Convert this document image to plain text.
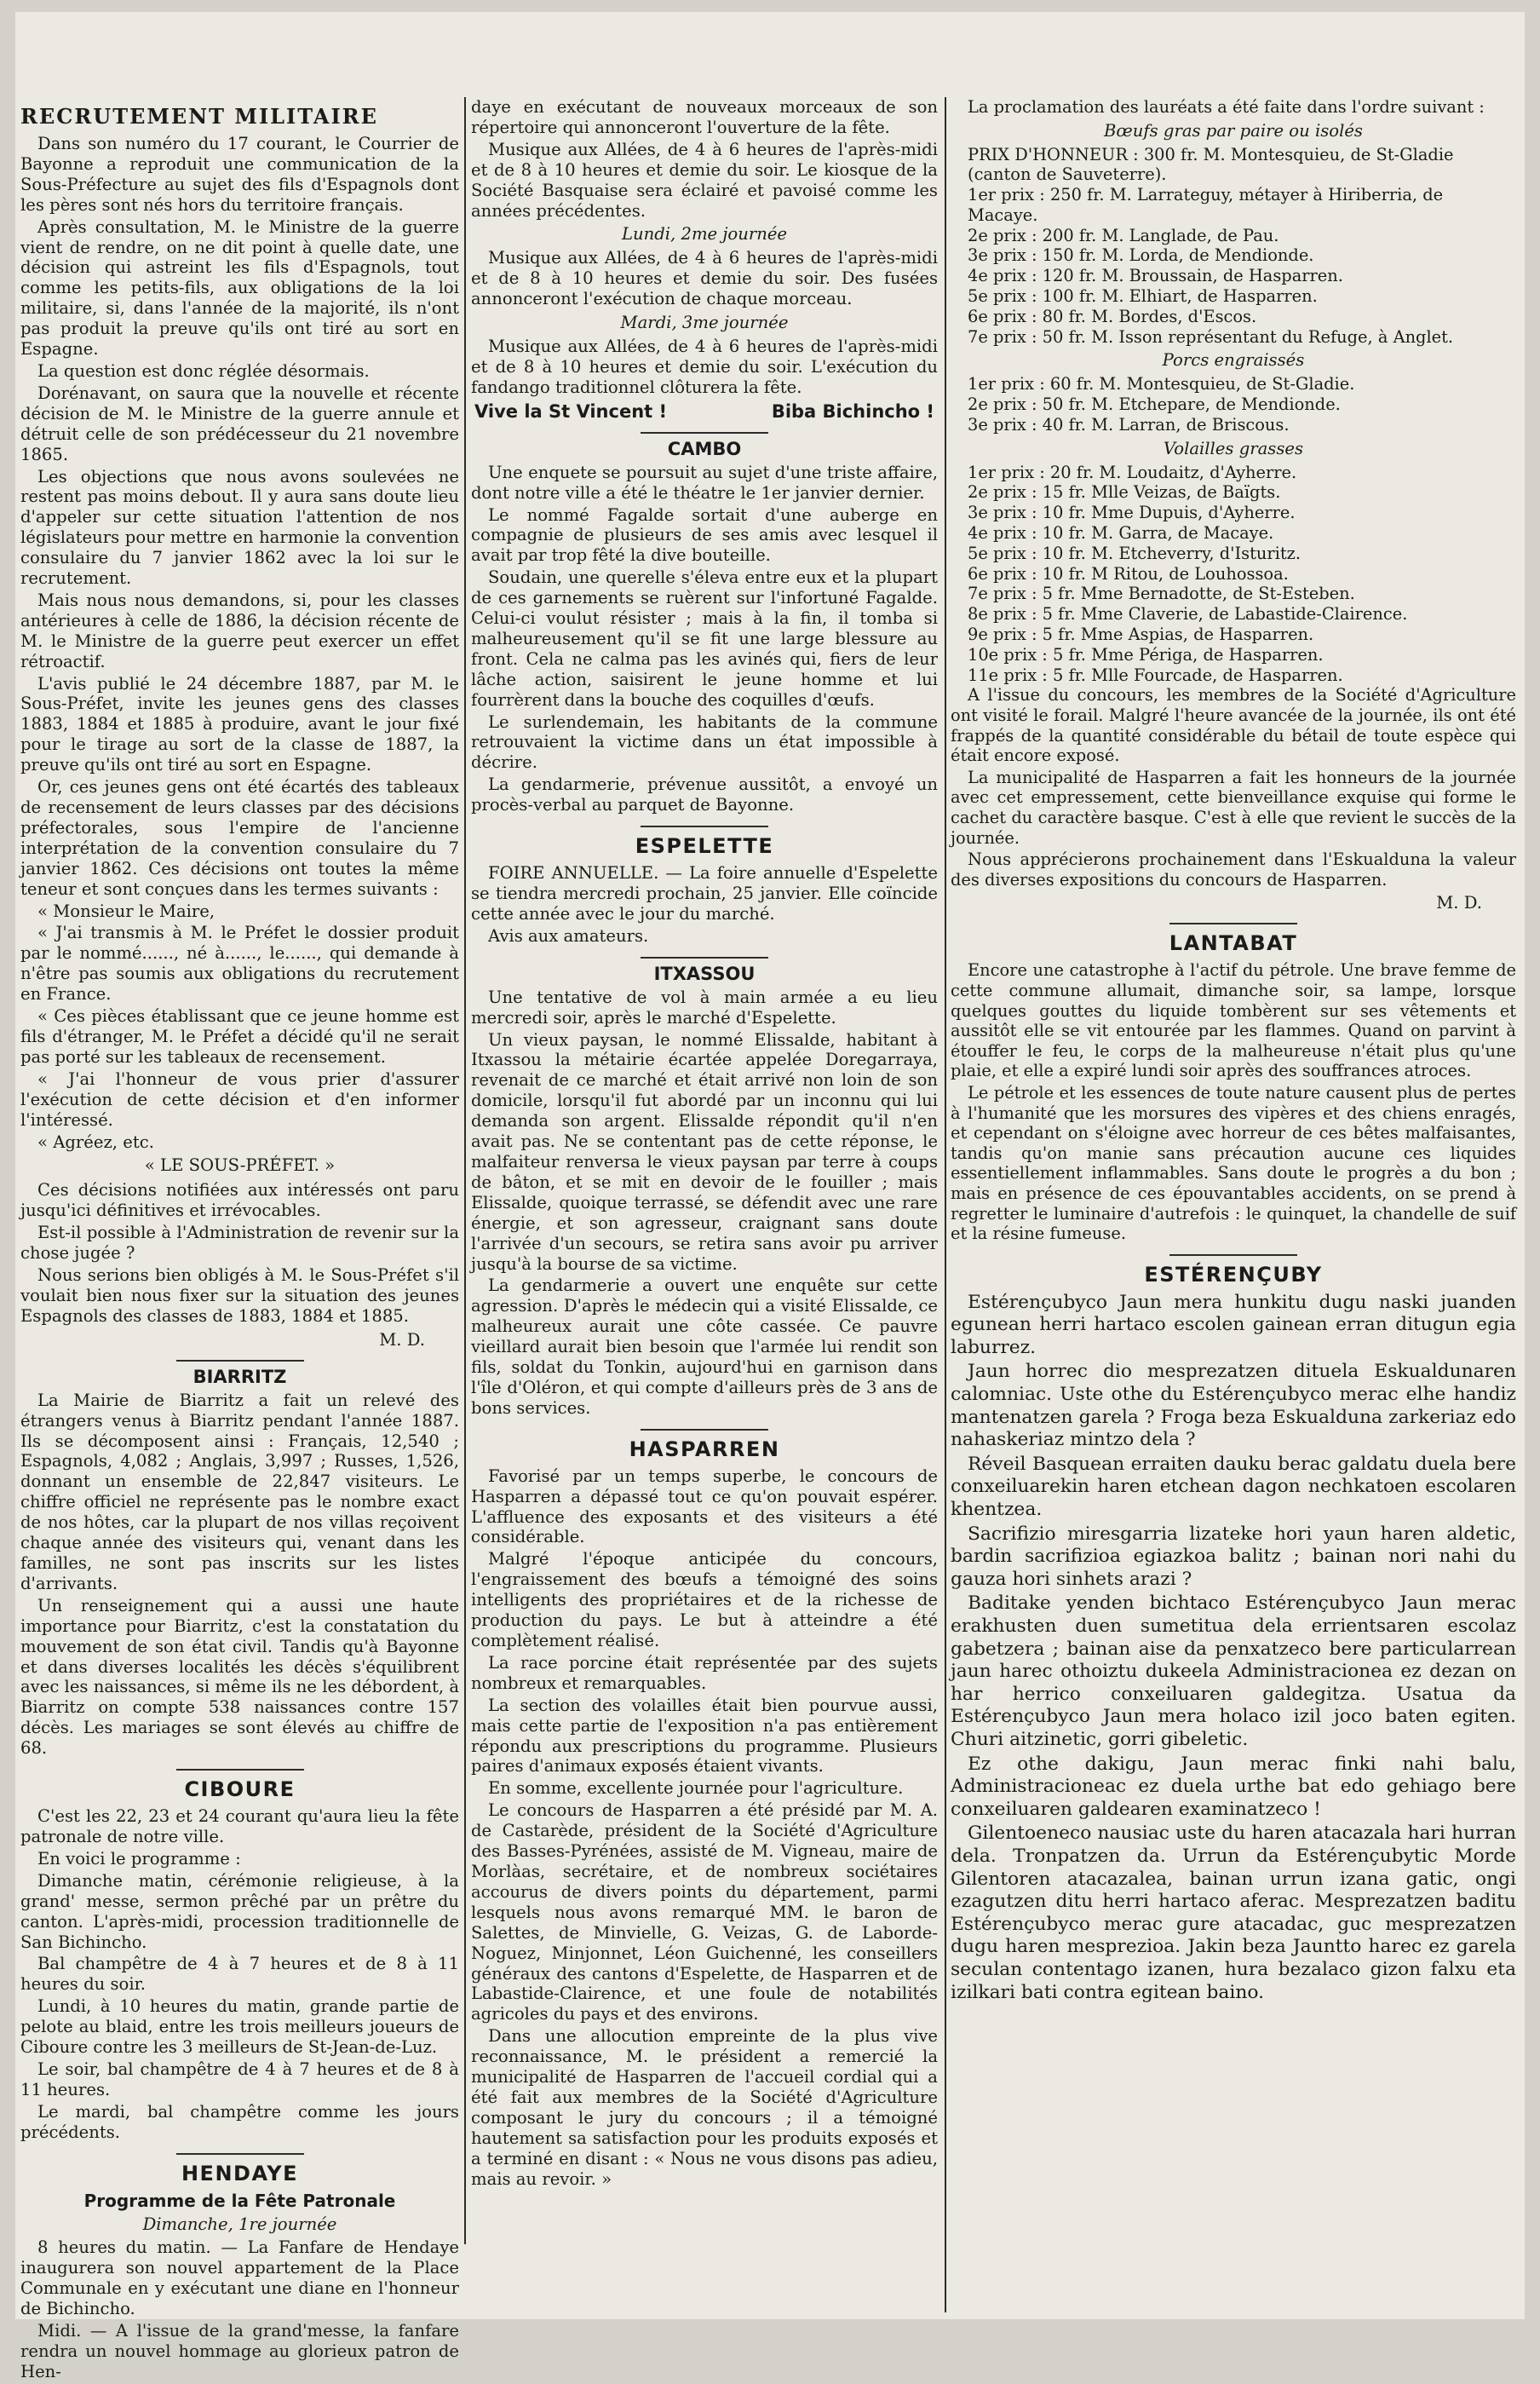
RECRUTEMENT MILITAIRE

Dans son numéro du 17 courant, le Courrier de Bayonne a reproduit une communication de la Sous-Préfecture au sujet des fils d'Espagnols dont les pères sont nés hors du territoire français.

Après consultation, M. le Ministre de la guerre vient de rendre, on ne dit point à quelle date, une décision qui astreint les fils d'Espagnols, tout comme les petits-fils, aux obligations de la loi militaire, si, dans l'année de la majorité, ils n'ont pas produit la preuve qu'ils ont tiré au sort en Espagne.

La question est donc réglée désormais.

Dorénavant, on saura que la nouvelle et récente décision de M. le Ministre de la guerre annule et détruit celle de son prédécesseur du 21 novembre 1865.

Les objections que nous avons soulevées ne restent pas moins debout. Il y aura sans doute lieu d'appeler sur cette situation l'attention de nos législateurs pour mettre en harmonie la convention consulaire du 7 janvier 1862 avec la loi sur le recrutement.

Mais nous nous demandons, si, pour les classes antérieures à celle de 1886, la décision récente de M. le Ministre de la guerre peut exercer un effet rétroactif.

L'avis publié le 24 décembre 1887, par M. le Sous-Préfet, invite les jeunes gens des classes 1883, 1884 et 1885 à produire, avant le jour fixé pour le tirage au sort de la classe de 1887, la preuve qu'ils ont tiré au sort en Espagne.

Or, ces jeunes gens ont été écartés des tableaux de recensement de leurs classes par des décisions préfectorales, sous l'empire de l'ancienne interprétation de la convention consulaire du 7 janvier 1862. Ces décisions ont toutes la même teneur et sont conçues dans les termes suivants :

« Monsieur le Maire,

« J'ai transmis à M. le Préfet le dossier produit par le nommé......, né à......, le......, qui demande à n'être pas soumis aux obligations du recrutement en France.

« Ces pièces établissant que ce jeune homme est fils d'étranger, M. le Préfet a décidé qu'il ne serait pas porté sur les tableaux de recensement.

« J'ai l'honneur de vous prier d'assurer l'exécution de cette décision et d'en informer l'intéressé.

« Agréez, etc.

« LE SOUS-PRÉFET. »

Ces décisions notifiées aux intéressés ont paru jusqu'ici définitives et irrévocables.

Est-il possible à l'Administration de revenir sur la chose jugée ?

Nous serions bien obligés à M. le Sous-Préfet s'il voulait bien nous fixer sur la situation des jeunes Espagnols des classes de 1883, 1884 et 1885.

M. D.
BIARRITZ

La Mairie de Biarritz a fait un relevé des étrangers venus à Biarritz pendant l'année 1887. Ils se décomposent ainsi : Français, 12,540 ; Espagnols, 4,082 ; Anglais, 3,997 ; Russes, 1,526, donnant un ensemble de 22,847 visiteurs. Le chiffre officiel ne représente pas le nombre exact de nos hôtes, car la plupart de nos villas reçoivent chaque année des visiteurs qui, venant dans les familles, ne sont pas inscrits sur les listes d'arrivants.

Un renseignement qui a aussi une haute importance pour Biarritz, c'est la constatation du mouvement de son état civil. Tandis qu'à Bayonne et dans diverses localités les décès s'équilibrent avec les naissances, si même ils ne les débordent, à Biarritz on compte 538 naissances contre 157 décès. Les mariages se sont élevés au chiffre de 68.

CIBOURE

C'est les 22, 23 et 24 courant qu'aura lieu la fête patronale de notre ville.

En voici le programme :

Dimanche matin, cérémonie religieuse, à la grand' messe, sermon prêché par un prêtre du canton. L'après-midi, procession traditionnelle de San Bichincho.

Bal champêtre de 4 à 7 heures et de 8 à 11 heures du soir.

Lundi, à 10 heures du matin, grande partie de pelote au blaid, entre les trois meilleurs joueurs de Ciboure contre les 3 meilleurs de St-Jean-de-Luz.

Le soir, bal champêtre de 4 à 7 heures et de 8 à 11 heures.

Le mardi, bal champêtre comme les jours précédents.

HENDAYE
Programme de la Fête Patronale
Dimanche, 1re journée

8 heures du matin. — La Fanfare de Hendaye inaugurera son nouvel appartement de la Place Communale en y exécutant une diane en l'honneur de Bichincho.

Midi. — A l'issue de la grand'messe, la fanfare rendra un nouvel hommage au glorieux patron de Hen-

daye en exécutant de nouveaux morceaux de son répertoire qui annonceront l'ouverture de la fête.

Musique aux Allées, de 4 à 6 heures de l'après-midi et de 8 à 10 heures et demie du soir. Le kiosque de la Société Basquaise sera éclairé et pavoisé comme les années précédentes.

Lundi, 2me journée

Musique aux Allées, de 4 à 6 heures de l'après-midi et de 8 à 10 heures et demie du soir. Des fusées annonceront l'exécution de chaque morceau.

Mardi, 3me journée

Musique aux Allées, de 4 à 6 heures de l'après-midi et de 8 à 10 heures et demie du soir. L'exécution du fandango traditionnel clôturera la fête.

Vive la St Vincent !	Biba Bichincho !
CAMBO

Une enquete se poursuit au sujet d'une triste affaire, dont notre ville a été le théatre le 1er janvier dernier.

Le nommé Fagalde sortait d'une auberge en compagnie de plusieurs de ses amis avec lesquel il avait par trop fêté la dive bouteille.

Soudain, une querelle s'éleva entre eux et la plupart de ces garnements se ruèrent sur l'infortuné Fagalde. Celui-ci voulut résister ; mais à la fin, il tomba si malheureusement qu'il se fit une large blessure au front. Cela ne calma pas les avinés qui, fiers de leur lâche action, saisirent le jeune homme et lui fourrèrent dans la bouche des coquilles d'œufs.

Le surlendemain, les habitants de la commune retrouvaient la victime dans un état impossible à décrire.

La gendarmerie, prévenue aussitôt, a envoyé un procès-verbal au parquet de Bayonne.

ESPELETTE

FOIRE ANNUELLE. — La foire annuelle d'Espelette se tiendra mercredi prochain, 25 janvier. Elle coïncide cette année avec le jour du marché.

Avis aux amateurs.

ITXASSOU

Une tentative de vol à main armée a eu lieu mercredi soir, après le marché d'Espelette.

Un vieux paysan, le nommé Elissalde, habitant à Itxassou la métairie écartée appelée Doregarraya, revenait de ce marché et était arrivé non loin de son domicile, lorsqu'il fut abordé par un inconnu qui lui demanda son argent. Elissalde répondit qu'il n'en avait pas. Ne se contentant pas de cette réponse, le malfaiteur renversa le vieux paysan par terre à coups de bâton, et se mit en devoir de le fouiller ; mais Elissalde, quoique terrassé, se défendit avec une rare énergie, et son agresseur, craignant sans doute l'arrivée d'un secours, se retira sans avoir pu arriver jusqu'à la bourse de sa victime.

La gendarmerie a ouvert une enquête sur cette agression. D'après le médecin qui a visité Elissalde, ce malheureux aurait une côte cassée. Ce pauvre vieillard aurait bien besoin que l'armée lui rendit son fils, soldat du Tonkin, aujourd'hui en garnison dans l'île d'Oléron, et qui compte d'ailleurs près de 3 ans de bons services.

HASPARREN

Favorisé par un temps superbe, le concours de Hasparren a dépassé tout ce qu'on pouvait espérer. L'affluence des exposants et des visiteurs a été considérable.

Malgré l'époque anticipée du concours, l'engraissement des bœufs a témoigné des soins intelligents des propriétaires et de la richesse de production du pays. Le but à atteindre a été complètement réalisé.

La race porcine était représentée par des sujets nombreux et remarquables.

La section des volailles était bien pourvue aussi, mais cette partie de l'exposition n'a pas entièrement répondu aux prescriptions du programme. Plusieurs paires d'animaux exposés étaient vivants.

En somme, excellente journée pour l'agriculture.

Le concours de Hasparren a été présidé par M. A. de Castarède, président de la Société d'Agriculture des Basses-Pyrénées, assisté de M. Vigneau, maire de Morlàas, secrétaire, et de nombreux sociétaires accourus de divers points du département, parmi lesquels nous avons remarqué MM. le baron de Salettes, de Minvielle, G. Veizas, G. de Laborde-Noguez, Minjonnet, Léon Guichenné, les conseillers généraux des cantons d'Espelette, de Hasparren et de Labastide-Clairence, et une foule de notabilités agricoles du pays et des environs.

Dans une allocution empreinte de la plus vive reconnaissance, M. le président a remercié la municipalité de Hasparren de l'accueil cordial qui a été fait aux membres de la Société d'Agriculture composant le jury du concours ; il a témoigné hautement sa satisfaction pour les produits exposés et a terminé en disant : « Nous ne vous disons pas adieu, mais au revoir. »

La proclamation des lauréats a été faite dans l'ordre suivant :

Bœufs gras par paire ou isolés
PRIX D'HONNEUR : 300 fr. M. Montesquieu, de St-Gladie (canton de Sauveterre).
1er prix : 250 fr. M. Larrateguy, métayer à Hiriberria, de Macaye.
2e prix : 200 fr. M. Langlade, de Pau.
3e prix : 150 fr. M. Lorda, de Mendionde.
4e prix : 120 fr. M. Broussain, de Hasparren.
5e prix : 100 fr. M. Elhiart, de Hasparren.
6e prix : 80 fr. M. Bordes, d'Escos.
7e prix : 50 fr. M. Isson représentant du Refuge, à Anglet.
Porcs engraissés
1er prix : 60 fr. M. Montesquieu, de St-Gladie.
2e prix : 50 fr. M. Etchepare, de Mendionde.
3e prix : 40 fr. M. Larran, de Briscous.
Volailles grasses
1er prix : 20 fr. M. Loudaitz, d'Ayherre.
2e prix : 15 fr. Mlle Veizas, de Baïgts.
3e prix : 10 fr. Mme Dupuis, d'Ayherre.
4e prix : 10 fr. M. Garra, de Macaye.
5e prix : 10 fr. M. Etcheverry, d'Isturitz.
6e prix : 10 fr. M Ritou, de Louhossoa.
7e prix : 5 fr. Mme Bernadotte, de St-Esteben.
8e prix : 5 fr. Mme Claverie, de Labastide-Clairence.
9e prix : 5 fr. Mme Aspias, de Hasparren.
10e prix : 5 fr. Mme Périga, de Hasparren.
11e prix : 5 fr. Mlle Fourcade, de Hasparren.

A l'issue du concours, les membres de la Société d'Agriculture ont visité le forail. Malgré l'heure avancée de la journée, ils ont été frappés de la quantité considérable du bétail de toute espèce qui était encore exposé.

La municipalité de Hasparren a fait les honneurs de la journée avec cet empressement, cette bienveillance exquise qui forme le cachet du caractère basque. C'est à elle que revient le succès de la journée.

Nous apprécierons prochainement dans l'Eskualduna la valeur des diverses expositions du concours de Hasparren.

M. D.
LANTABAT

Encore une catastrophe à l'actif du pétrole. Une brave femme de cette commune allumait, dimanche soir, sa lampe, lorsque quelques gouttes du liquide tombèrent sur ses vêtements et aussitôt elle se vit entourée par les flammes. Quand on parvint à étouffer le feu, le corps de la malheureuse n'était plus qu'une plaie, et elle a expiré lundi soir après des souffrances atroces.

Le pétrole et les essences de toute nature causent plus de pertes à l'humanité que les morsures des vipères et des chiens enragés, et cependant on s'éloigne avec horreur de ces bêtes malfaisantes, tandis qu'on manie sans précaution aucune ces liquides essentiellement inflammables. Sans doute le progrès a du bon ; mais en présence de ces épouvantables accidents, on se prend à regretter le luminaire d'autrefois : le quinquet, la chandelle de suif et la résine fumeuse.

ESTÉRENÇUBY

Estérençubyco Jaun mera hunkitu dugu naski juanden egunean herri hartaco escolen gainean erran ditugun egia laburrez.

Jaun horrec dio mesprezatzen dituela Eskualdunaren calomniac. Uste othe du Estérençubyco merac elhe handiz mantenatzen garela ? Froga beza Eskualduna zarkeriaz edo nahaskeriaz mintzo dela ?

Réveil Basquean erraiten dauku berac galdatu duela bere conxeiluarekin haren etchean dagon nechkatoen escolaren khentzea.

Sacrifizio miresgarria lizateke hori yaun haren aldetic, bardin sacrifizioa egiazkoa balitz ; bainan nori nahi du gauza hori sinhets arazi ?

Baditake yenden bichtaco Estérençubyco Jaun merac erakhusten duen sumetitua dela errientsaren escolaz gabetzera ; bainan aise da penxatzeco bere particularrean jaun harec othoiztu dukeela Administracionea ez dezan on har herrico conxeiluaren galdegitza. Usatua da Estérençubyco Jaun mera holaco izil joco baten egiten. Churi aitzinetic, gorri gibeletic.

Ez othe dakigu, Jaun merac finki nahi balu, Administracioneac ez duela urthe bat edo gehiago bere conxeiluaren galdearen examinatzeco !

Gilentoeneco nausiac uste du haren atacazala hari hurran dela. Tronpatzen da. Urrun da Estérençubytic Morde Gilentoren atacazalea, bainan urrun izana gatic, ongi ezagutzen ditu herri hartaco aferac. Mesprezatzen baditu Estérençubyco merac gure atacadac, guc mesprezatzen dugu haren mesprezioa. Jakin beza Jauntto harec ez garela seculan contentago izanen, hura bezalaco gizon falxu eta izilkari bati contra egitean baino.
